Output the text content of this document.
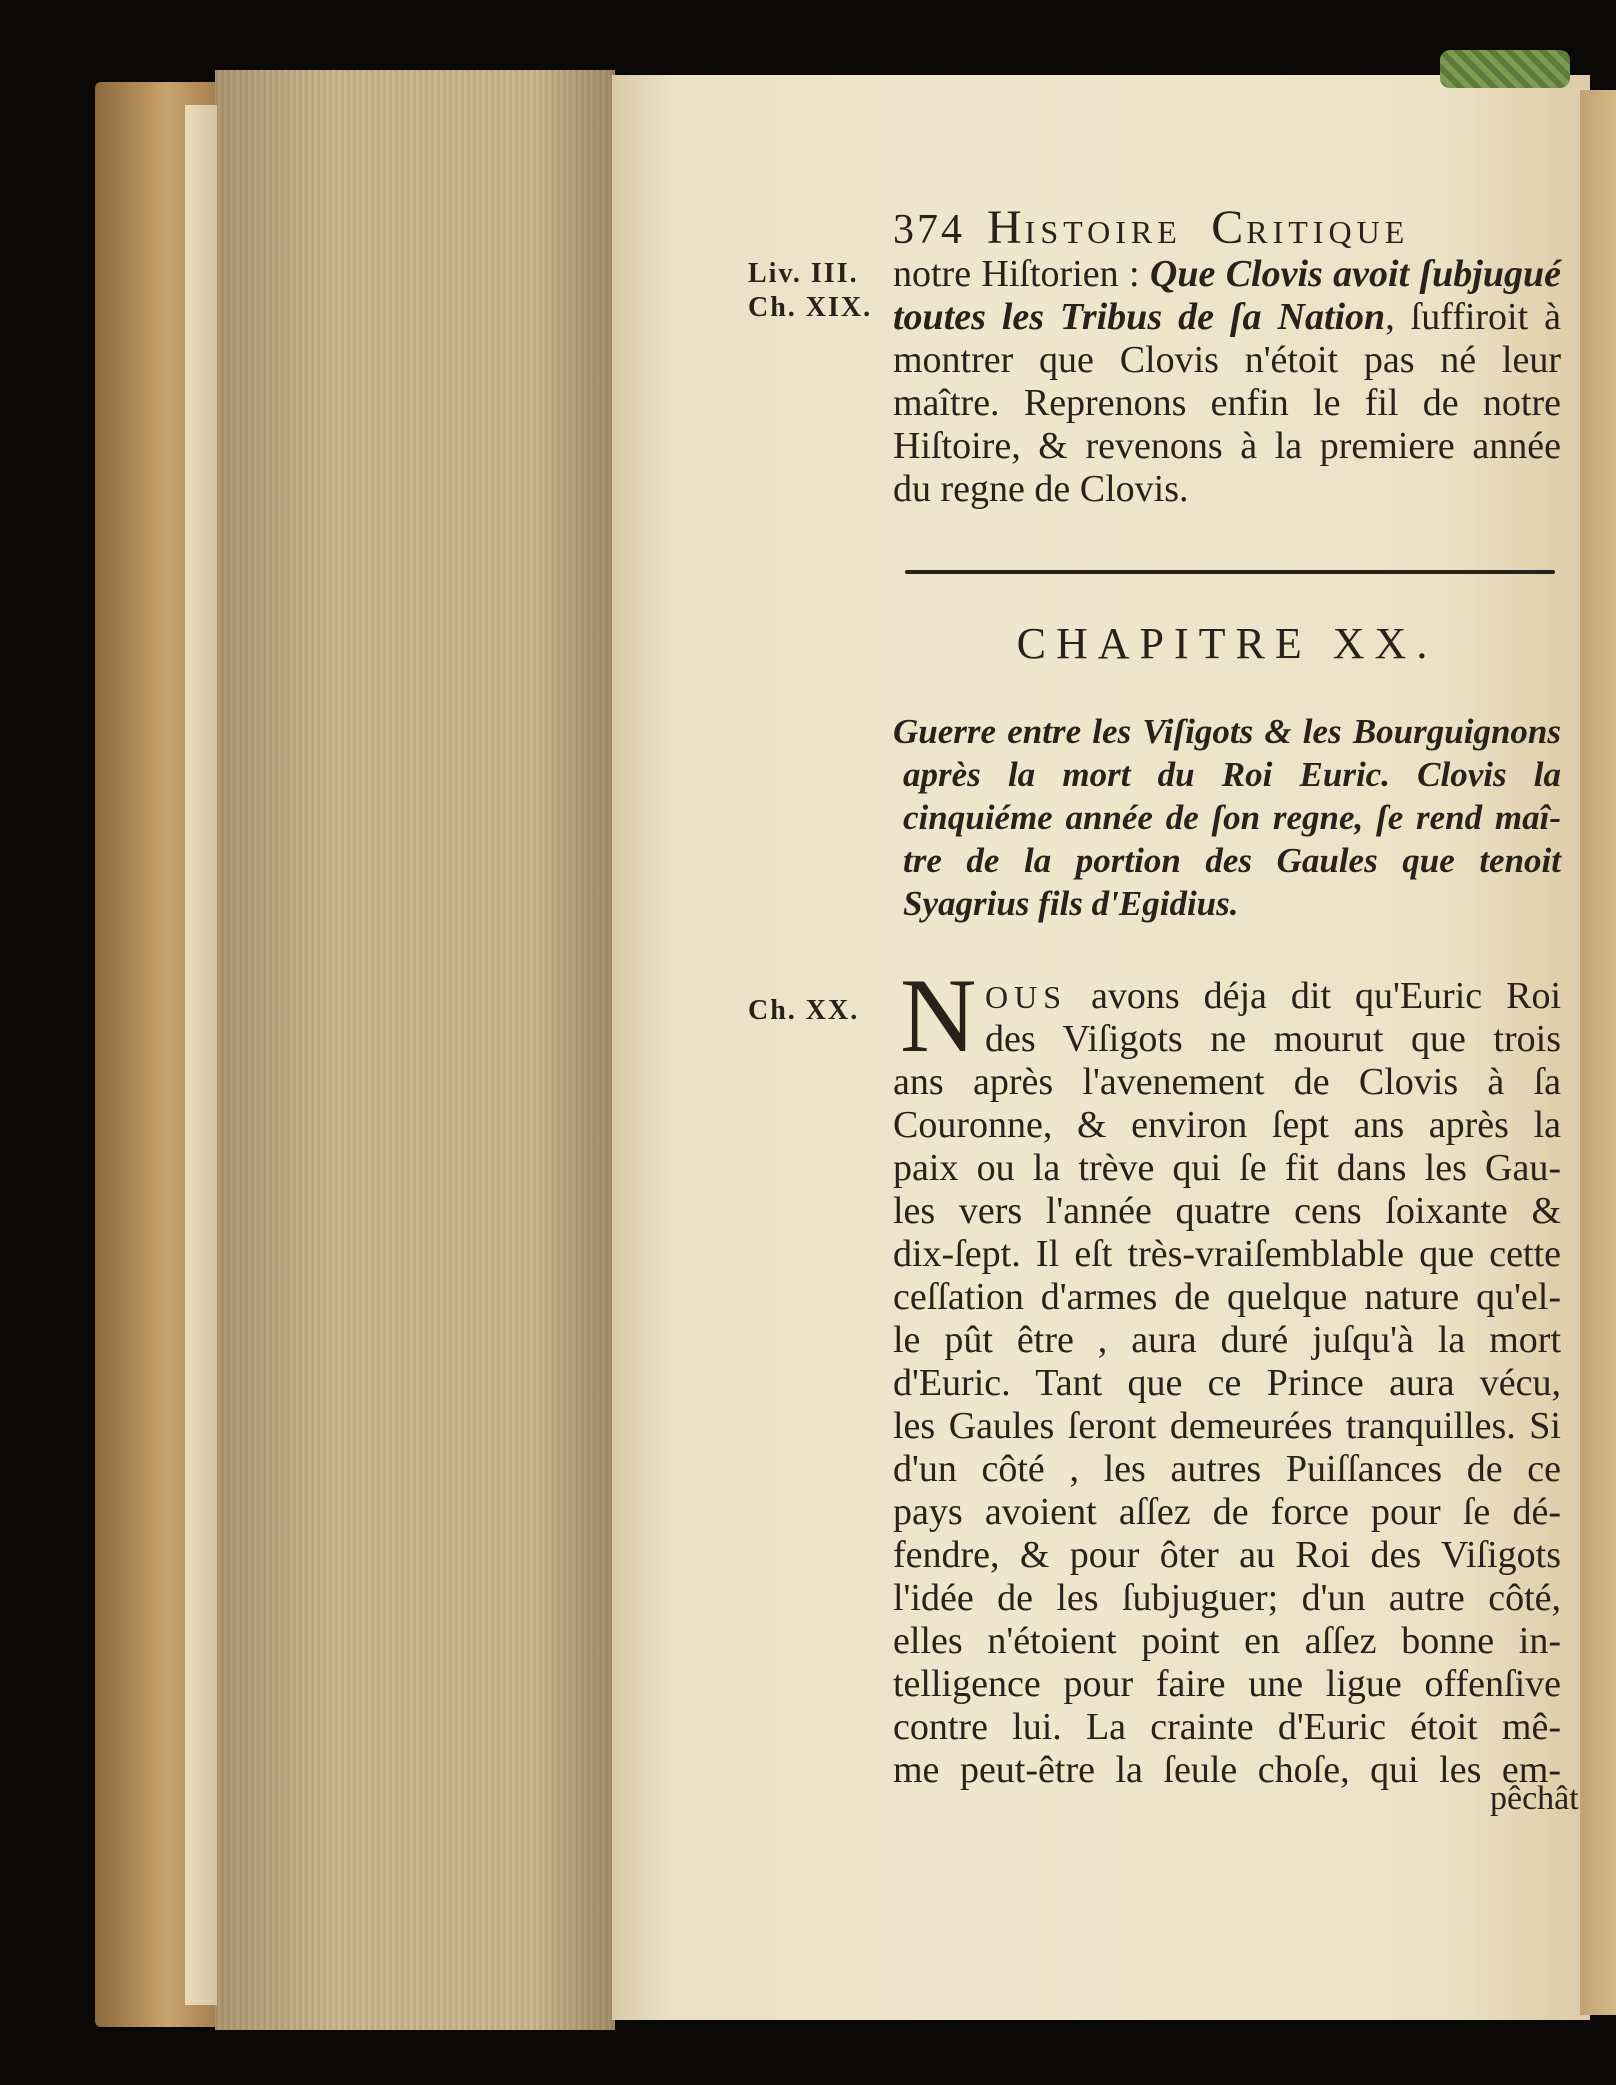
374 HISTOIRE CRITIQUE
Liv. III.
Ch. XIX.
Ch. XX.
notre Hiſtorien : Que Clovis avoit ſubjugué
toutes les Tribus de ſa Nation, ſuffiroit à
montrer que Clovis n'étoit pas né leur
maître. Reprenons enfin le fil de notre
Hiſtoire, & revenons à la premiere année
du regne de Clovis.
CHAPITRE XX.
Guerre entre les Viſigots & les Bourguignons
après la mort du Roi Euric. Clovis la
cinquiéme année de ſon regne, ſe rend maî-
tre de la portion des Gaules que tenoit
Syagrius fils d'Egidius.
N OUS avons déja dit qu'Euric Roi
des Viſigots ne mourut que trois
ans après l'avenement de Clovis à ſa
Couronne, & environ ſept ans après la
paix ou la trève qui ſe fit dans les Gau-
les vers l'année quatre cens ſoixante &
dix-ſept. Il eſt très-vraiſemblable que cette
ceſſation d'armes de quelque nature qu'el-
le pût être , aura duré juſqu'à la mort
d'Euric. Tant que ce Prince aura vécu,
les Gaules ſeront demeurées tranquilles. Si
d'un côté , les autres Puiſſances de ce
pays avoient aſſez de force pour ſe dé-
fendre, & pour ôter au Roi des Viſigots
l'idée de les ſubjuguer; d'un autre côté,
elles n'étoient point en aſſez bonne in-
telligence pour faire une ligue offenſive
contre lui. La crainte d'Euric étoit mê-
me peut-être la ſeule choſe, qui les em-
pêchât
